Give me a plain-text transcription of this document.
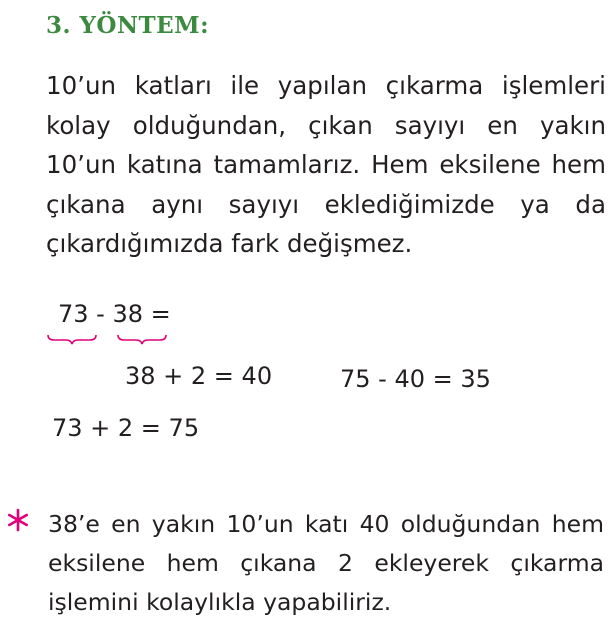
3. YÖNTEM:
10’un katları ile yapılan çıkarma işlemleri kolay olduğundan, çıkan sayıyı en yakın 10’un katına tamamlarız. Hem eksilene hem çıkana aynı sayıyı eklediğimizde ya da çıkardığımızda fark değişmez.
73 - 38 =
38 + 2 = 40	75 - 40 = 35
73 + 2 = 75
38’e en yakın 10’un katı 40 olduğundan hem eksilene hem çıkana 2 ekleyerek çıkarma işlemini kolaylıkla yapabiliriz.
